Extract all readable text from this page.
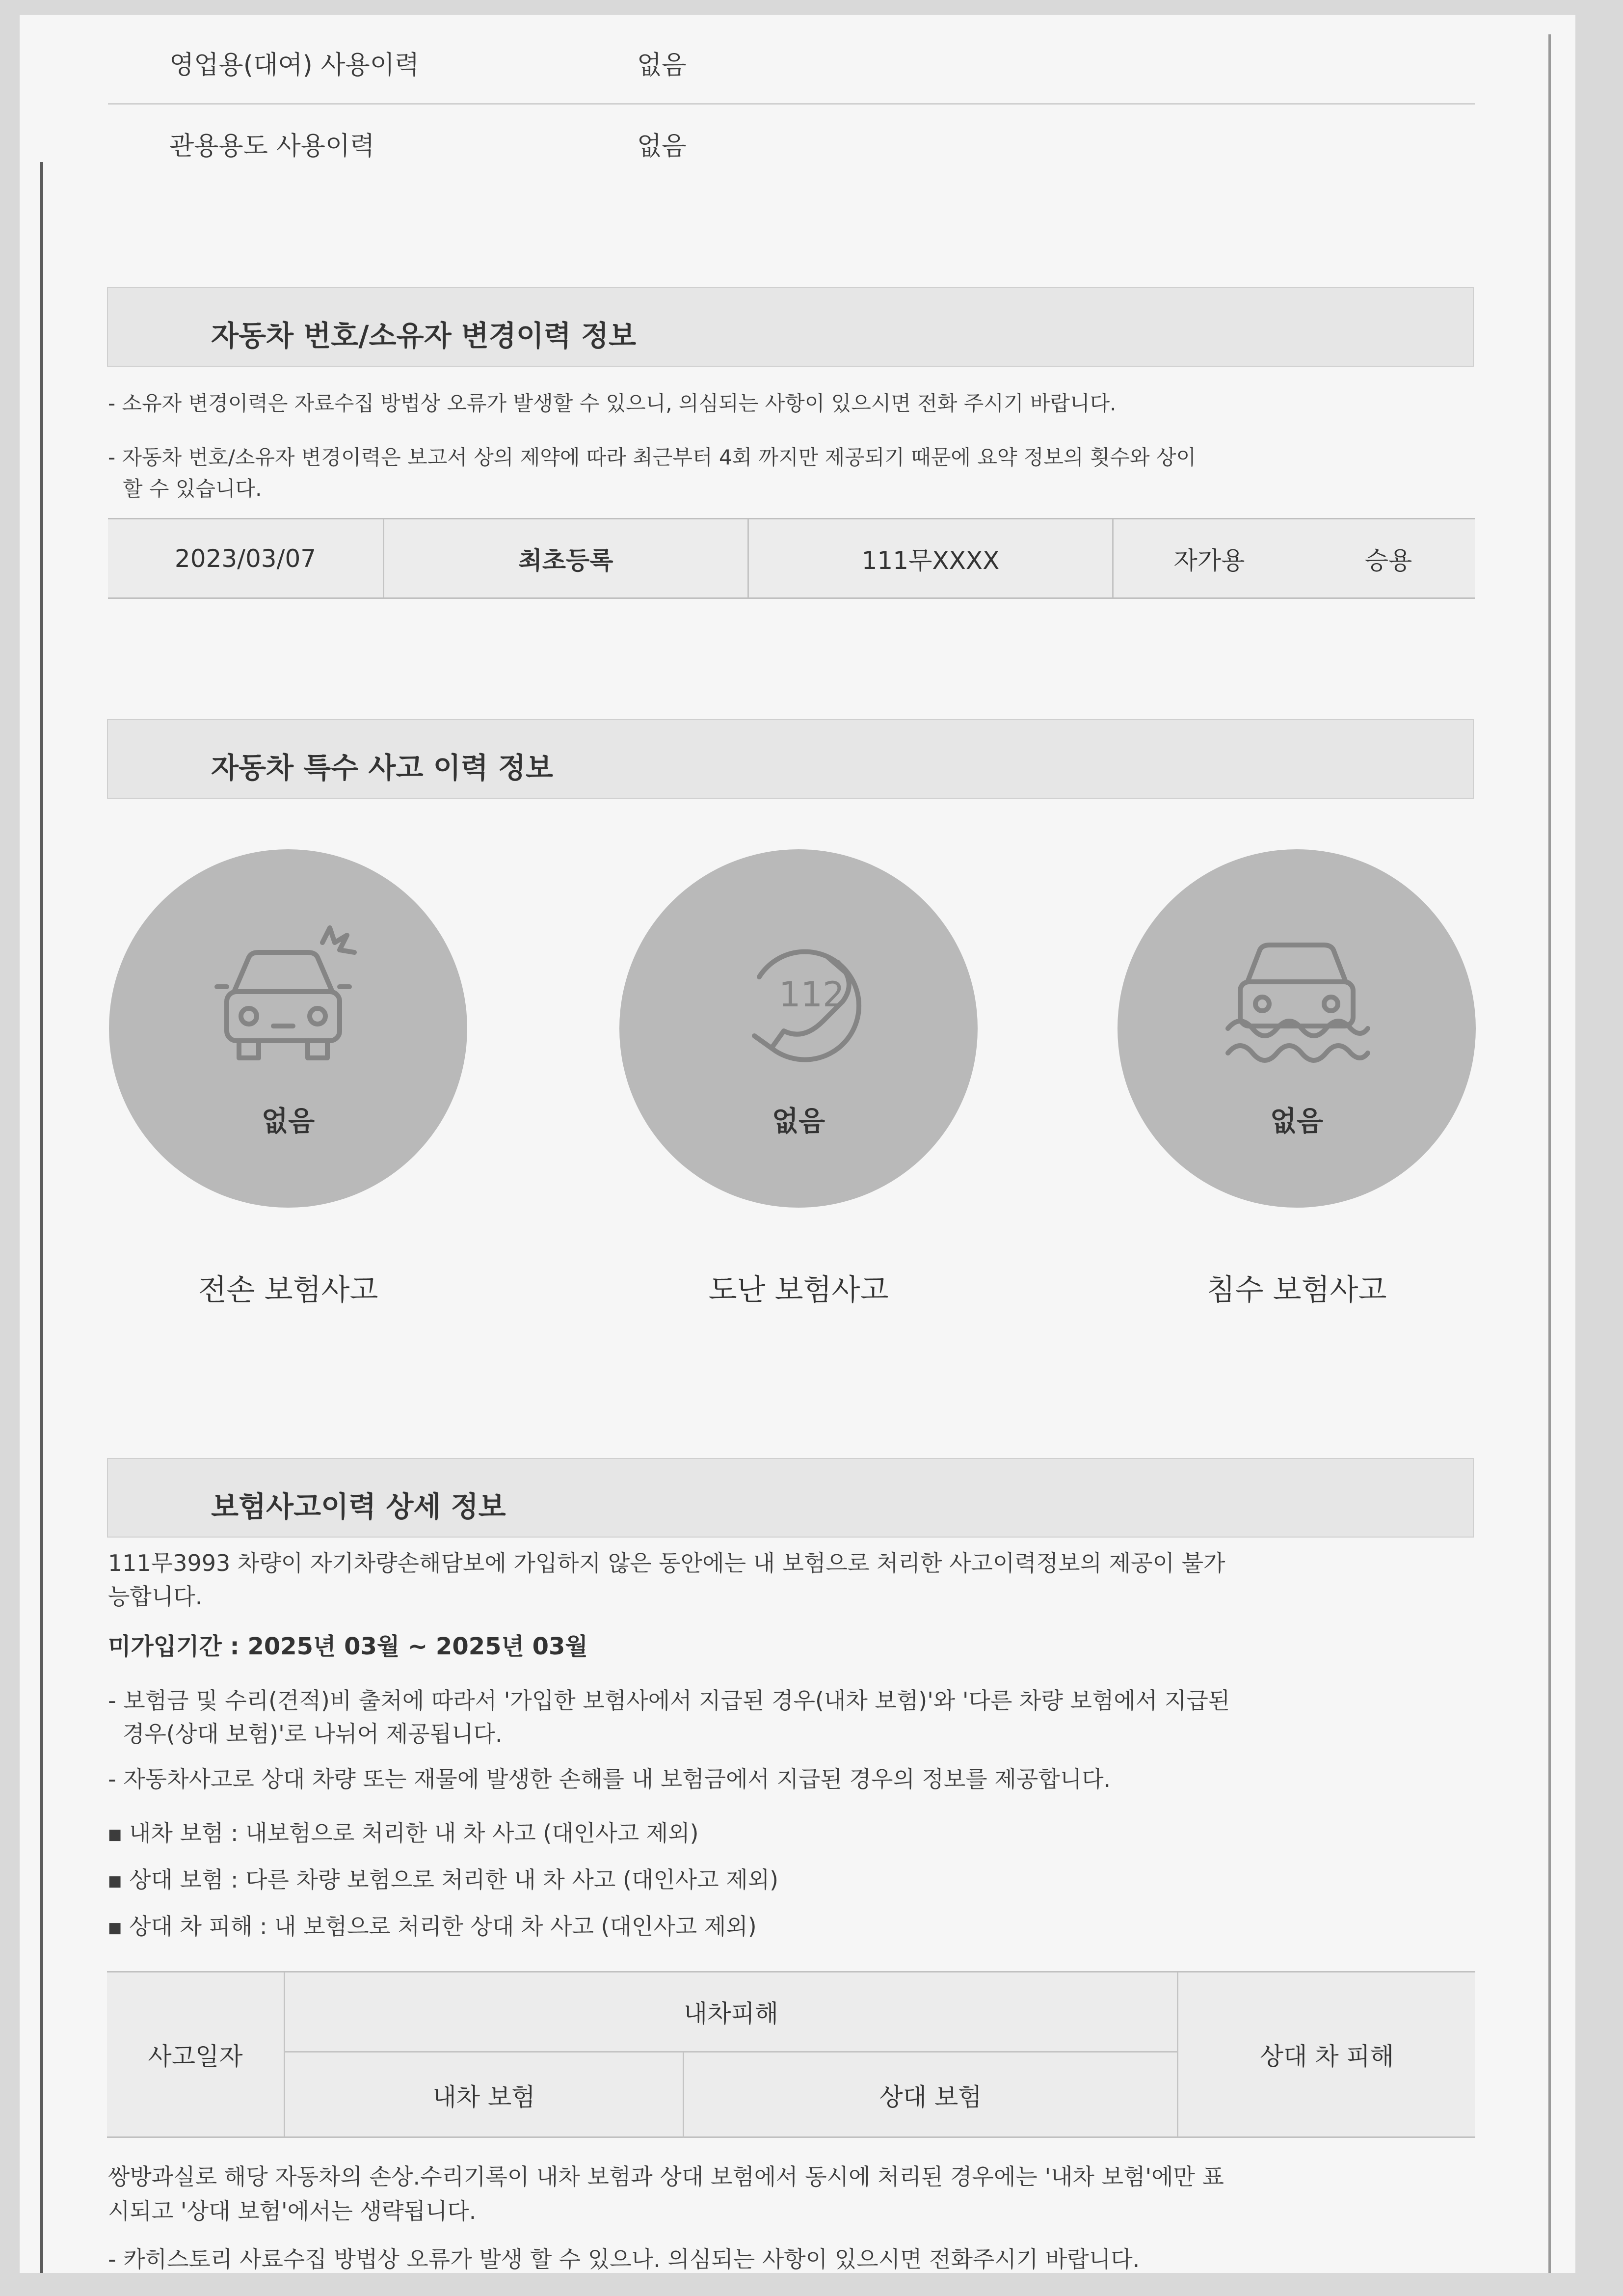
영업용(대여) 사용이력	없음
관용용도 사용이력	없음
자동차 번호/소유자 변경이력 정보
- 소유자 변경이력은 자료수집 방법상 오류가 발생할 수 있으니, 의심되는 사항이 있으시면 전화 주시기 바랍니다.
- 자동차 번호/소유자 변경이력은 보고서 상의 제약에 따라 최근부터 4회 까지만 제공되기 때문에 요약 정보의 횟수와 상이
할 수 있습니다.
2023/03/07	최초등록	111무XXXX	자가용	승용
자동차 특수 사고 이력 정보
없음
112
없음	없음
전손 보험사고	도난 보험사고	침수 보험사고
보험사고이력 상세 정보
111무3993 차량이 자기차량손해담보에 가입하지 않은 동안에는 내 보험으로 처리한 사고이력정보의 제공이 불가
능합니다.
미가입기간 : 2025년 03월 ~ 2025년 03월
- 보험금 및 수리(견적)비 출처에 따라서 '가입한 보험사에서 지급된 경우(내차 보험)'와 '다른 차량 보험에서 지급된
경우(상대 보험)'로 나뉘어 제공됩니다.
- 자동차사고로 상대 차량 또는 재물에 발생한 손해를 내 보험금에서 지급된 경우의 정보를 제공합니다.
■ 내차 보험 : 내보험으로 처리한 내 차 사고 (대인사고 제외)
■ 상대 보험 : 다른 차량 보험으로 처리한 내 차 사고 (대인사고 제외)
■ 상대 차 피해 : 내 보험으로 처리한 상대 차 사고 (대인사고 제외)
사고일자
내차피해
내차 보험	상대 보험
상대 차 피해
쌍방과실로 해당 자동차의 손상.수리기록이 내차 보험과 상대 보험에서 동시에 처리된 경우에는 '내차 보험'에만 표
시되고 '상대 보험'에서는 생략됩니다.
- 카히스토리 사료수집 방법상 오류가 발생 할 수 있으나. 의심되는 사항이 있으시면 전화주시기 바랍니다.
